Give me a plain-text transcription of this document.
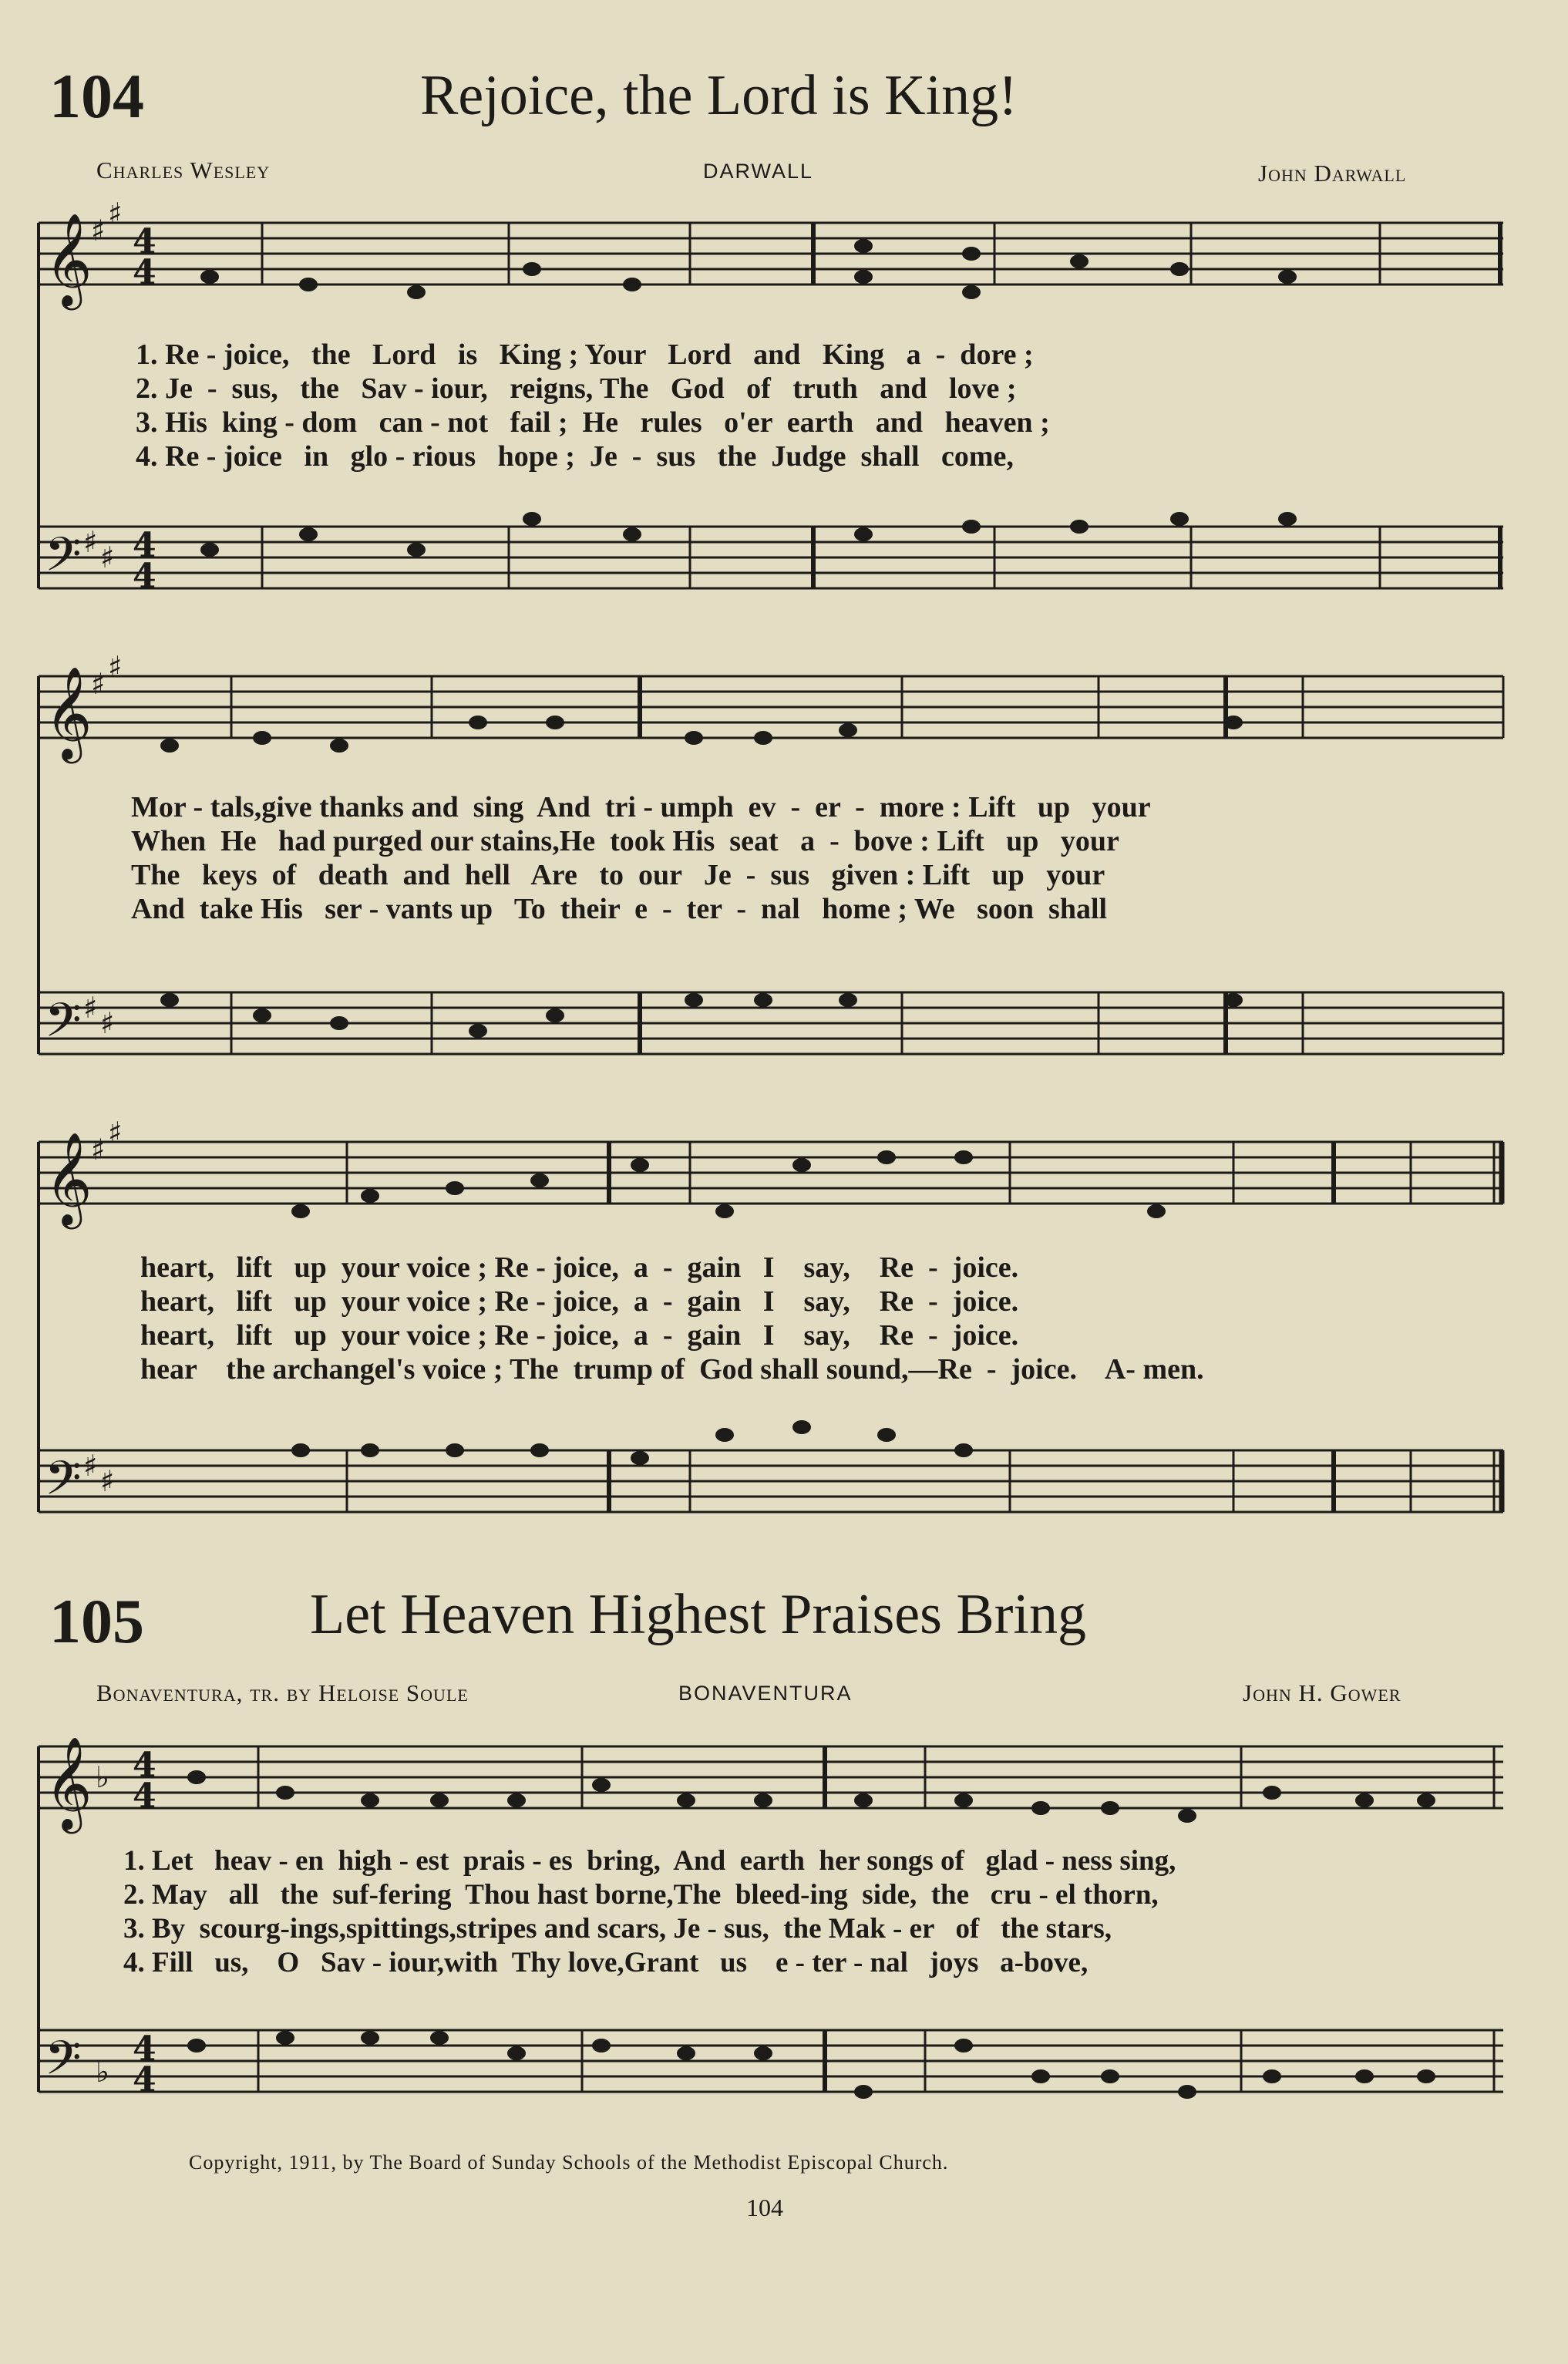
104	Rejoice, the Lord is King!
Charles Wesley	DARWALL	John Darwall
𝄞
𝄢
𝄞
𝄢
𝄞
𝄢
𝄞
𝄢
4
4
4
4
4
4
4
4
♯ ♯
♯ ♯
♯ ♯
♯ ♯
♯ ♯
♯ ♯
♭
♭
1. Re - joice,   the   Lord   is   King ; Your   Lord   and   King   a  -  dore ;
2. Je  -  sus,   the   Sav - iour,   reigns, The   God   of   truth   and   love ;
3. His  king - dom   can - not   fail ;  He   rules   o'er  earth   and   heaven ;
4. Re - joice   in   glo - rious   hope ;  Je  -  sus   the  Judge  shall   come,
Mor - tals,give thanks and  sing  And  tri - umph  ev  -  er  -  more : Lift   up   your
When  He   had purged our stains,He  took His  seat   a  -  bove : Lift   up   your
The   keys  of   death  and  hell   Are   to  our   Je  -  sus   given : Lift   up   your
And  take His   ser - vants up   To  their  e  -  ter  -  nal   home ; We   soon  shall
heart,   lift   up  your voice ; Re - joice,  a  -  gain   I    say,    Re  -  joice.
heart,   lift   up  your voice ; Re - joice,  a  -  gain   I    say,    Re  -  joice.
heart,   lift   up  your voice ; Re - joice,  a  -  gain   I    say,    Re  -  joice.
hear    the archangel's voice ; The  trump of  God shall sound,—Re  -  joice.    A- men.
105	Let Heaven Highest Praises Bring
Bonaventura, tr. by Heloise Soule	BONAVENTURA	John H. Gower
1. Let   heav - en  high - est  prais - es  bring,  And  earth  her songs of   glad - ness sing,
2. May   all   the  suf-fering  Thou hast borne,The  bleed-ing  side,  the   cru - el thorn,
3. By  scourg-ings,spittings,stripes and scars, Je - sus,  the Mak - er   of   the stars,
4. Fill   us,    O   Sav - iour,with  Thy love,Grant   us    e - ter - nal   joys   a-bove,
Copyright, 1911, by The Board of Sunday Schools of the Methodist Episcopal Church.
104
